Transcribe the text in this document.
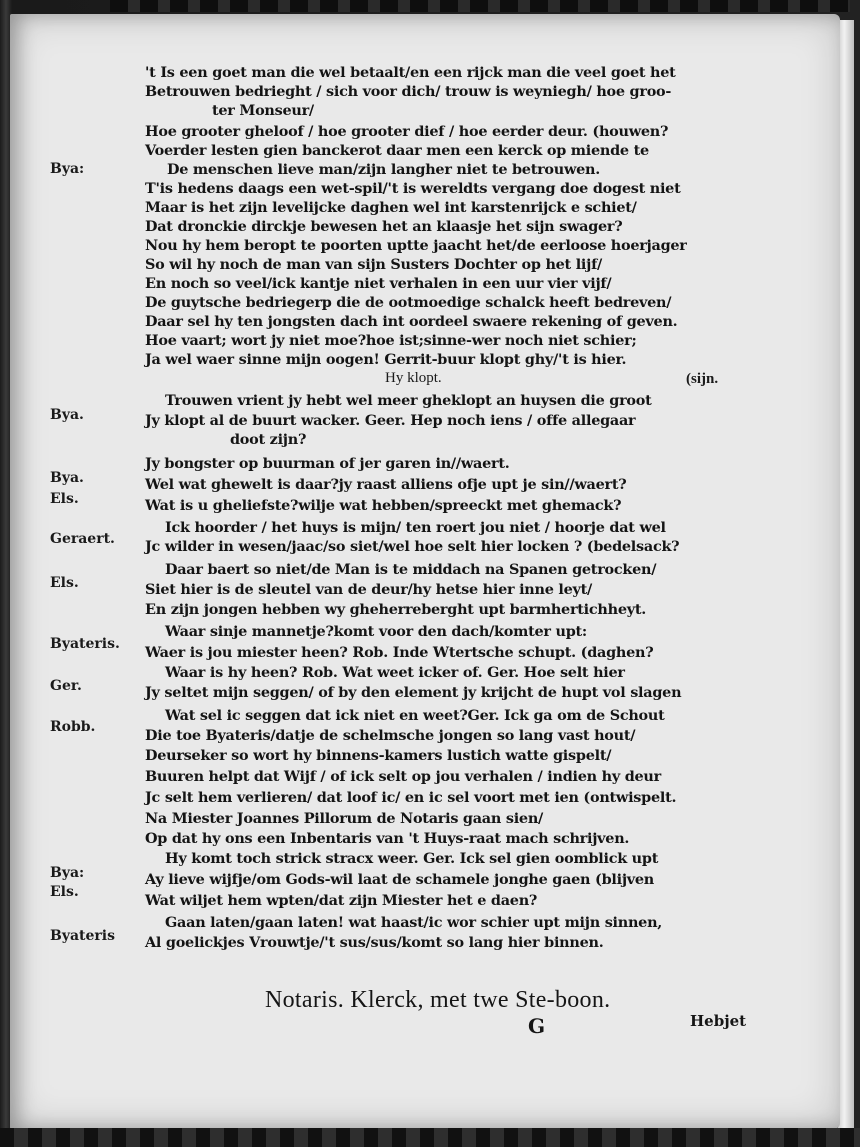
't Is een goet man die wel betaalt/en een rijck man die veel goet het
Betrouwen bedrieght / sich voor dich/ trouw is weyniegh/ hoe groo-
ter Monseur/
Hoe grooter gheloof / hoe grooter dief / hoe eerder deur. (houwen?
Voerder lesten gien banckerot daar men een kerck op miende te
De menschen lieve man/zijn langher niet te betrouwen.
T'is hedens daags een wet-spil/'t is wereldts vergang doe dogest niet
Maar is het zijn levelijcke daghen wel int karstenrijck e schiet/
Dat dronckie dirckje bewesen het an klaasje het sijn swager?
Nou hy hem beropt te poorten uptte jaacht het/de eerloose hoerjager
So wil hy noch de man van sijn Susters Dochter op het lijf/
En noch so veel/ick kantje niet verhalen in een uur vier vijf/
De guytsche bedriegerp die de ootmoedige schalck heeft bedreven/
Daar sel hy ten jongsten dach int oordeel swaere rekening of geven.
Hoe vaart; wort jy niet moe?hoe ist;sinne-wer noch niet schier;
Ja wel waer sinne mijn oogen! Gerrit-buur klopt ghy/'t is hier.
Hy klopt.	(sijn.
Trouwen vrient jy hebt wel meer gheklopt an huysen die groot
Jy klopt al de buurt wacker. Geer. Hep noch iens / offe allegaar
doot zijn?
Jy bongster op buurman of jer garen in//waert.
Wel wat ghewelt is daar?jy raast alliens ofje upt je sin//waert?
Wat is u gheliefste?wilje wat hebben/spreeckt met ghemack?
Ick hoorder / het huys is mijn/ ten roert jou niet / hoorje dat wel
Jc wilder in wesen/jaac/so siet/wel hoe selt hier locken ? (bedelsack?
Daar baert so niet/de Man is te middach na Spanen getrocken/
Siet hier is de sleutel van de deur/hy hetse hier inne leyt/
En zijn jongen hebben wy gheherreberght upt barmhertichheyt.
Waar sinje mannetje?komt voor den dach/komter upt:
Waer is jou miester heen? Rob. Inde Wtertsche schupt. (daghen?
Waar is hy heen? Rob. Wat weet icker of. Ger. Hoe selt hier
Jy seltet mijn seggen/ of by den element jy krijcht de hupt vol slagen
Wat sel ic seggen dat ick niet en weet?Ger. Ick ga om de Schout
Die toe Byateris/datje de schelmsche jongen so lang vast hout/
Deurseker so wort hy binnens-kamers lustich watte gispelt/
Buuren helpt dat Wijf / of ick selt op jou verhalen / indien hy deur
Jc selt hem verlieren/ dat loof ic/ en ic sel voort met ien (ontwispelt.
Na Miester Joannes Pillorum de Notaris gaan sien/
Op dat hy ons een Inbentaris van 't Huys-raat mach schrijven.
Hy komt toch strick stracx weer. Ger. Ick sel gien oomblick upt
Ay lieve wijfje/om Gods-wil laat de schamele jonghe gaen (blijven
Wat wiljet hem wpten/dat zijn Miester het e daen?
Gaan laten/gaan laten! wat haast/ic wor schier upt mijn sinnen,
Al goelickjes Vrouwtje/'t sus/sus/komt so lang hier binnen.
Bya:
Bya.
Bya.
Els.
Geraert.
Els.
Byateris.
Ger.
Robb.
Bya:
Els.
Byateris
Notaris. Klerck, met twe Ste-boon.
G	Hebjet
